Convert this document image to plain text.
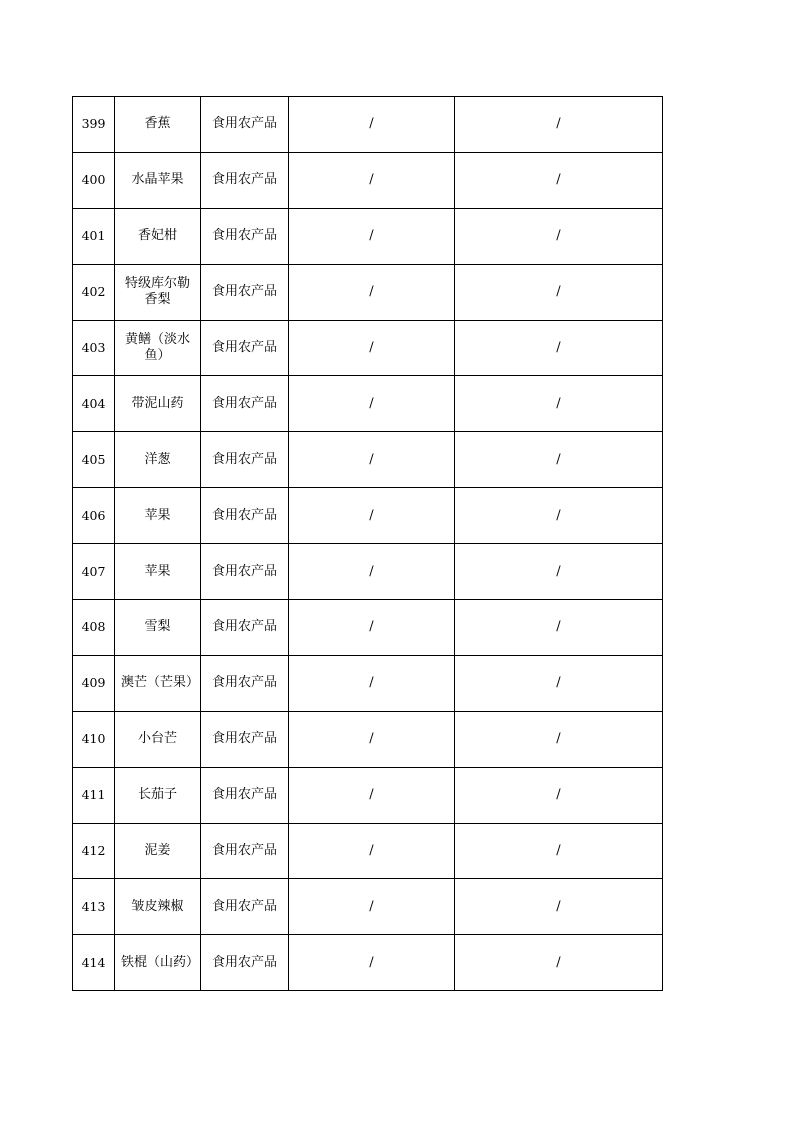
399	香蕉	食用农产品	/	/
400	水晶苹果	食用农产品	/	/
401	香妃柑	食用农产品	/	/
402	特级库尔勒香梨	食用农产品	/	/
403	黄鳝（淡水鱼）	食用农产品	/	/
404	带泥山药	食用农产品	/	/
405	洋葱	食用农产品	/	/
406	苹果	食用农产品	/	/
407	苹果	食用农产品	/	/
408	雪梨	食用农产品	/	/
409	澳芒（芒果）	食用农产品	/	/
410	小台芒	食用农产品	/	/
411	长茄子	食用农产品	/	/
412	泥姜	食用农产品	/	/
413	皱皮辣椒	食用农产品	/	/
414	铁棍（山药）	食用农产品	/	/
